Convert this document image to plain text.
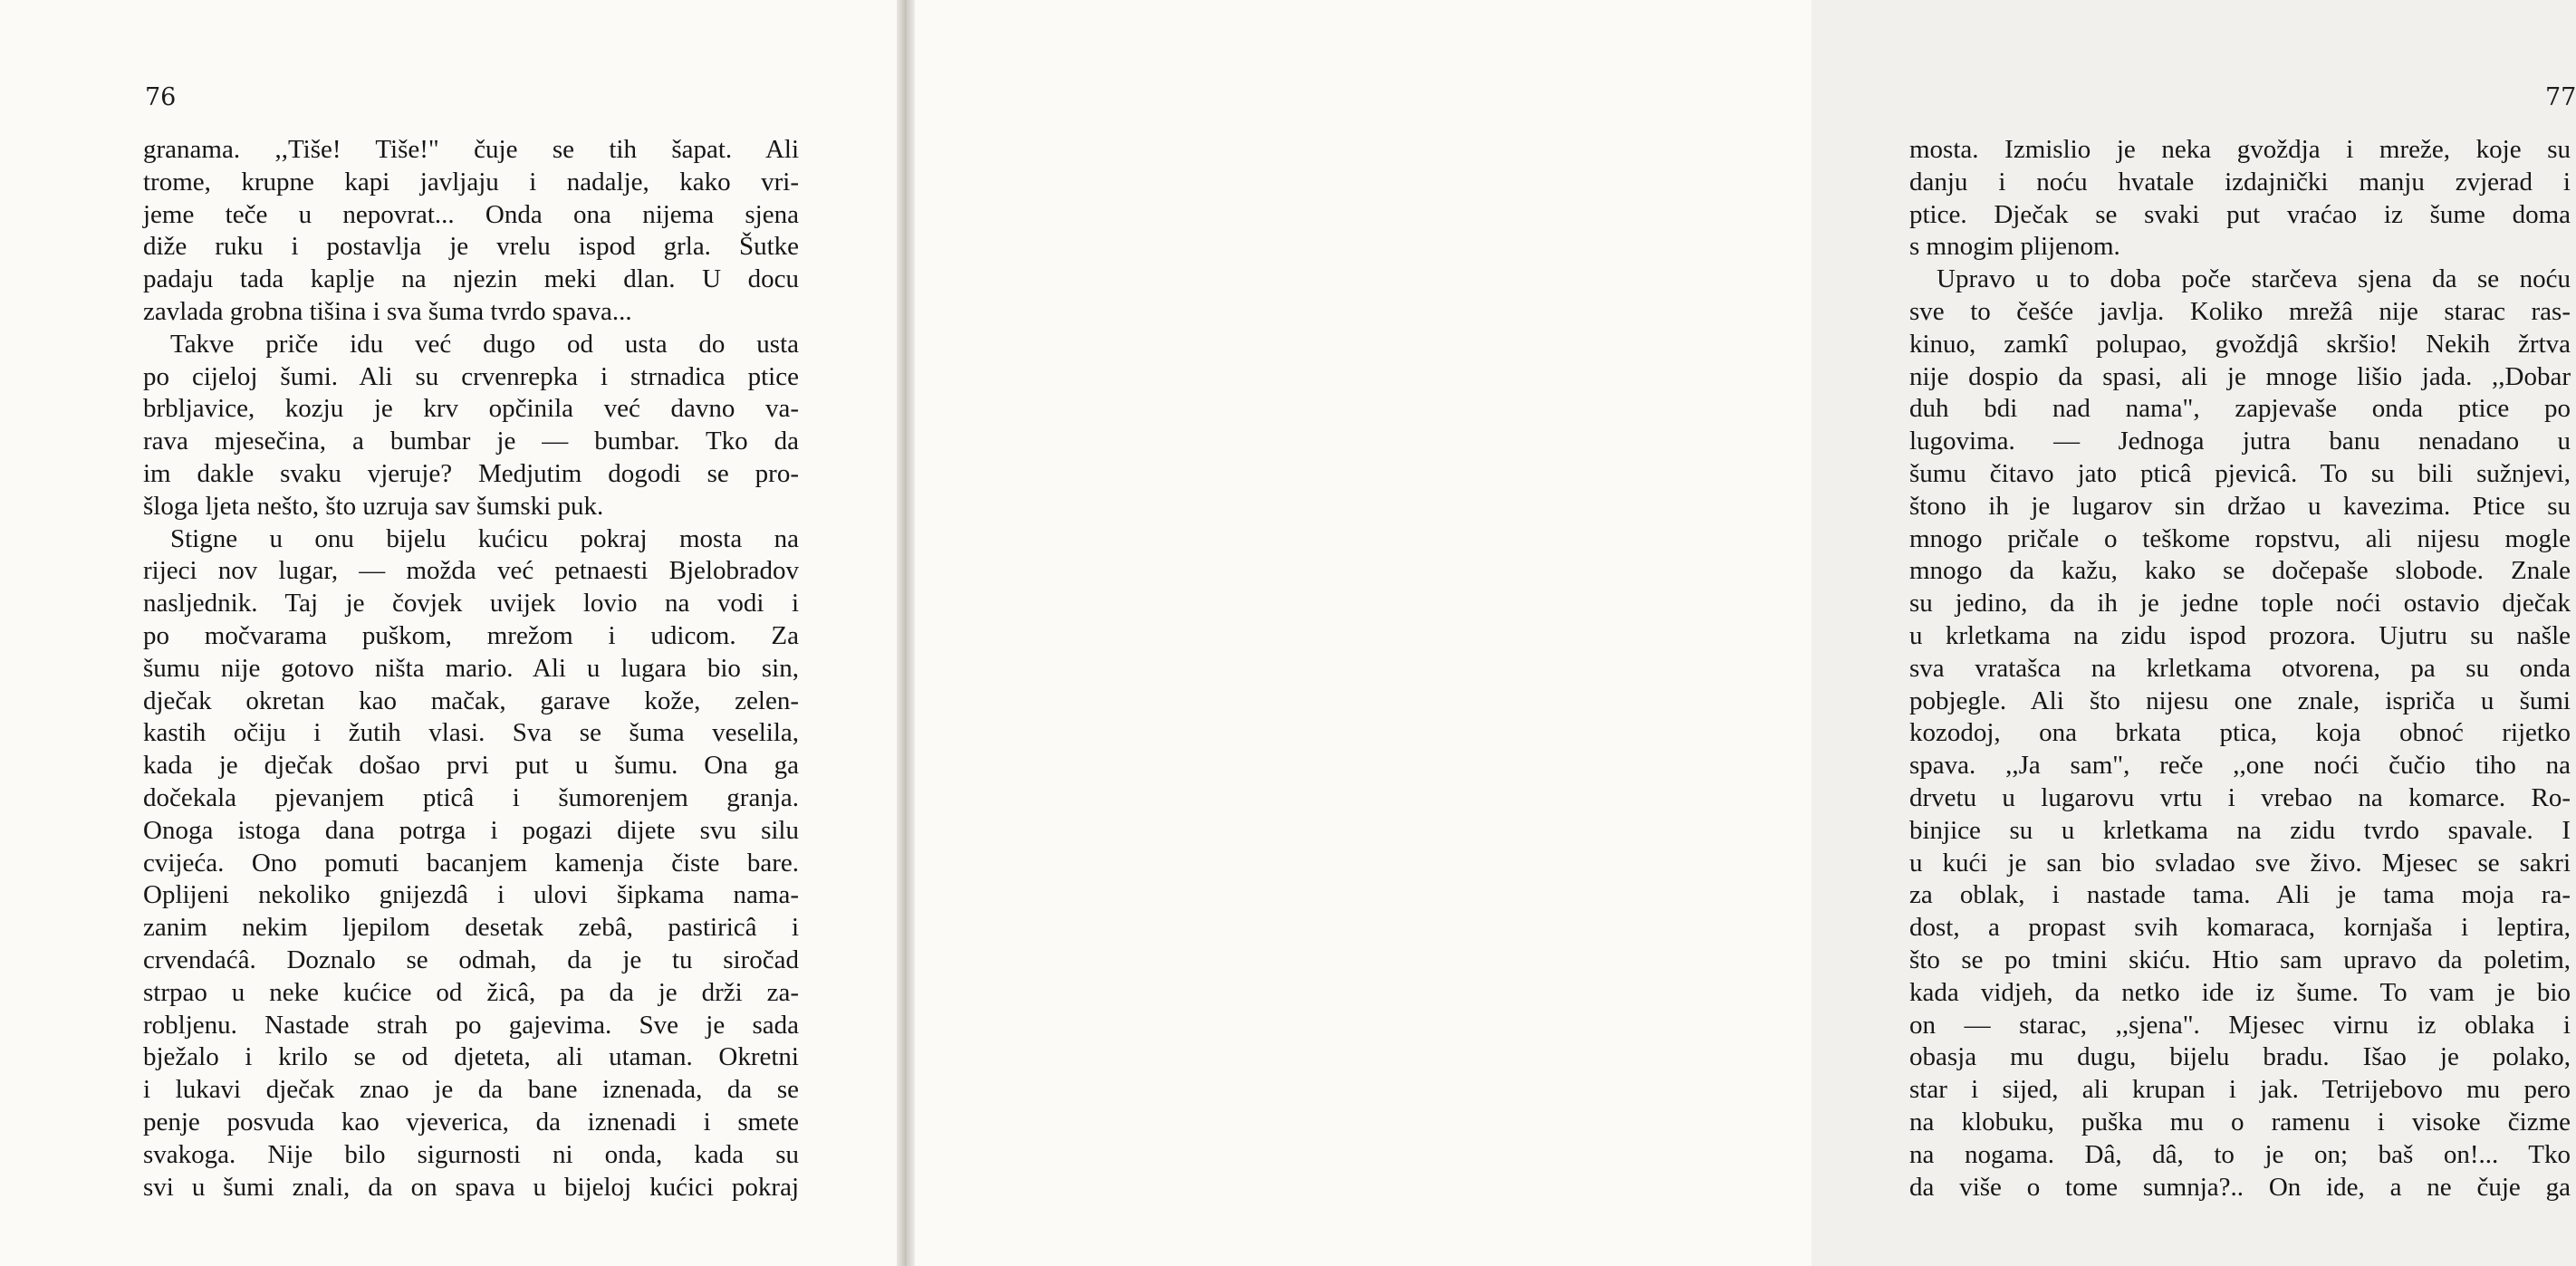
76

granama. ,,Tiše! Tiše!" čuje se tih šapat. Ali
trome, krupne kapi javljaju i nadalje, kako vri-
jeme teče u nepovrat... Onda ona nijema sjena
diže ruku i postavlja je vrelu ispod grla. Šutke
padaju tada kaplje na njezin meki dlan. U docu
zavlada grobna tišina i sva šuma tvrdo spava...
Takve priče idu već dugo od usta do usta
po cijeloj šumi. Ali su crvenrepka i strnadica ptice
brbljavice, kozju je krv opčinila već davno va-
rava mjesečina, a bumbar je — bumbar. Tko da
im dakle svaku vjeruje? Medjutim dogodi se pro-
šloga ljeta nešto, što uzruja sav šumski puk.
Stigne u onu bijelu kućicu pokraj mosta na
rijeci nov lugar, — možda već petnaesti Bjelobradov
nasljednik. Taj je čovjek uvijek lovio na vodi i
po močvarama puškom, mrežom i udicom. Za
šumu nije gotovo ništa mario. Ali u lugara bio sin,
dječak okretan kao mačak, garave kože, zelen-
kastih očiju i žutih vlasi. Sva se šuma veselila,
kada je dječak došao prvi put u šumu. Ona ga
dočekala pjevanjem pticâ i šumorenjem granja.
Onoga istoga dana potrga i pogazi dijete svu silu
cvijeća. Ono pomuti bacanjem kamenja čiste bare.
Oplijeni nekoliko gnijezdâ i ulovi šipkama nama-
zanim nekim ljepilom desetak zebâ, pastiricâ i
crvendaćâ. Doznalo se odmah, da je tu siročad
strpao u neke kućice od žicâ, pa da je drži za-
robljenu. Nastade strah po gajevima. Sve je sada
bježalo i krilo se od djeteta, ali utaman. Okretni
i lukavi dječak znao je da bane iznenada, da se
penje posvuda kao vjeverica, da iznenadi i smete
svakoga. Nije bilo sigurnosti ni onda, kada su
svi u šumi znali, da on spava u bijeloj kućici pokraj

77

mosta. Izmislio je neka gvoždja i mreže, koje su
danju i noću hvatale izdajnički manju zvjerad i
ptice. Dječak se svaki put vraćao iz šume doma
s mnogim plijenom.
Upravo u to doba poče starčeva sjena da se noću
sve to češće javlja. Koliko mrežâ nije starac ras-
kinuo, zamkî polupao, gvoždjâ skršio! Nekih žrtva
nije dospio da spasi, ali je mnoge lišio jada. ,,Dobar
duh bdi nad nama", zapjevaše onda ptice po
lugovima. — Jednoga jutra banu nenadano u
šumu čitavo jato pticâ pjevicâ. To su bili sužnjevi,
štono ih je lugarov sin držao u kavezima. Ptice su
mnogo pričale o teškome ropstvu, ali nijesu mogle
mnogo da kažu, kako se dočepaše slobode. Znale
su jedino, da ih je jedne tople noći ostavio dječak
u krletkama na zidu ispod prozora. Ujutru su našle
sva vratašca na krletkama otvorena, pa su onda
pobjegle. Ali što nijesu one znale, ispriča u šumi
kozodoj, ona brkata ptica, koja obnoć rijetko
spava. ,,Ja sam", reče ,,one noći čučio tiho na
drvetu u lugarovu vrtu i vrebao na komarce. Ro-
binjice su u krletkama na zidu tvrdo spavale. I
u kući je san bio svladao sve živo. Mjesec se sakri
za oblak, i nastade tama. Ali je tama moja ra-
dost, a propast svih komaraca, kornjaša i leptira,
što se po tmini skiću. Htio sam upravo da poletim,
kada vidjeh, da netko ide iz šume. To vam je bio
on — starac, ,,sjena". Mjesec virnu iz oblaka i
obasja mu dugu, bijelu bradu. Išao je polako,
star i sijed, ali krupan i jak. Tetrijebovo mu pero
na klobuku, puška mu o ramenu i visoke čizme
na nogama. Dâ, dâ, to je on; baš on!... Tko
da više o tome sumnja?.. On ide, a ne čuje ga
